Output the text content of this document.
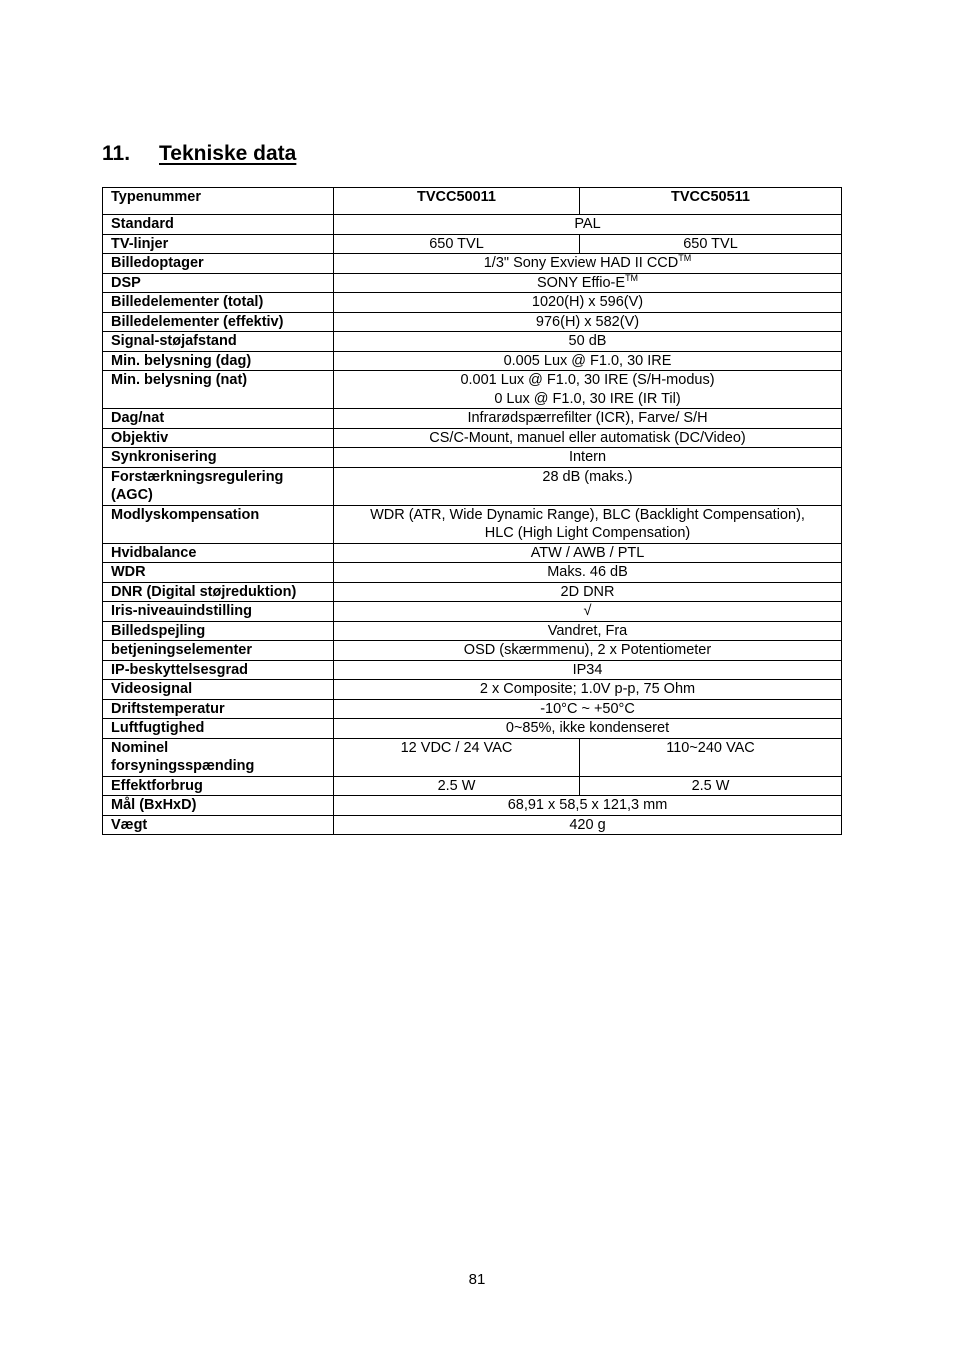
11.	Tekniske data
Typenummer	TVCC50011	TVCC50511
Standard	PAL	
TV-linjer	650 TVL	650 TVL
Billedoptager	1/3" Sony Exview HAD II CCD™
DSP	SONY Effio-E™
Billedelementer (total)	1020(H) x 596(V)	
Billedelementer (effektiv)	976(H) x 582(V)	
Signal-støjafstand	50 dB	
Min. belysning (dag)	0.005 Lux @ F1.0, 30 IRE	
Min. belysning (nat)	0.001 Lux @ F1.0, 30 IRE (S/H-modus)
0 Lux @ F1.0, 30 IRE (IR Til)	

Dag/nat	Infrarødspærrefilter (ICR), Farve/ S/H	
Objektiv	CS/C-Mount, manuel eller automatisk (DC/Video)	
Synkronisering	Intern	

Forstærkningsregulering
(AGC)	28 dB (maks.)	
Modlyskompensation	WDR (ATR, Wide Dynamic Range), BLC (Backlight Compensation),
HLC (High Light Compensation)	

Hvidbalance	ATW / AWB / PTL	
WDR	Maks. 46 dB	
DNR (Digital støjreduktion)	2D DNR	
Iris-niveauindstilling	√	
Billedspejling	Vandret, Fra	
betjeningselementer	OSD (skærmmenu), 2 x Potentiometer	
IP-beskyttelsesgrad	IP34	
Videosignal	2 x Composite; 1.0V p-p, 75 Ohm	
Driftstemperatur	-10°C ~ +50°C	
Luftfugtighed	0~85%, ikke kondenseret	

Nominel
forsyningsspænding	12 VDC / 24 VAC	110~240 VAC
Effektforbrug	2.5 W	2.5 W
Mål (BxHxD)	68,91 x 58,5 x 121,3 mm	
Vægt	420 g	
81
